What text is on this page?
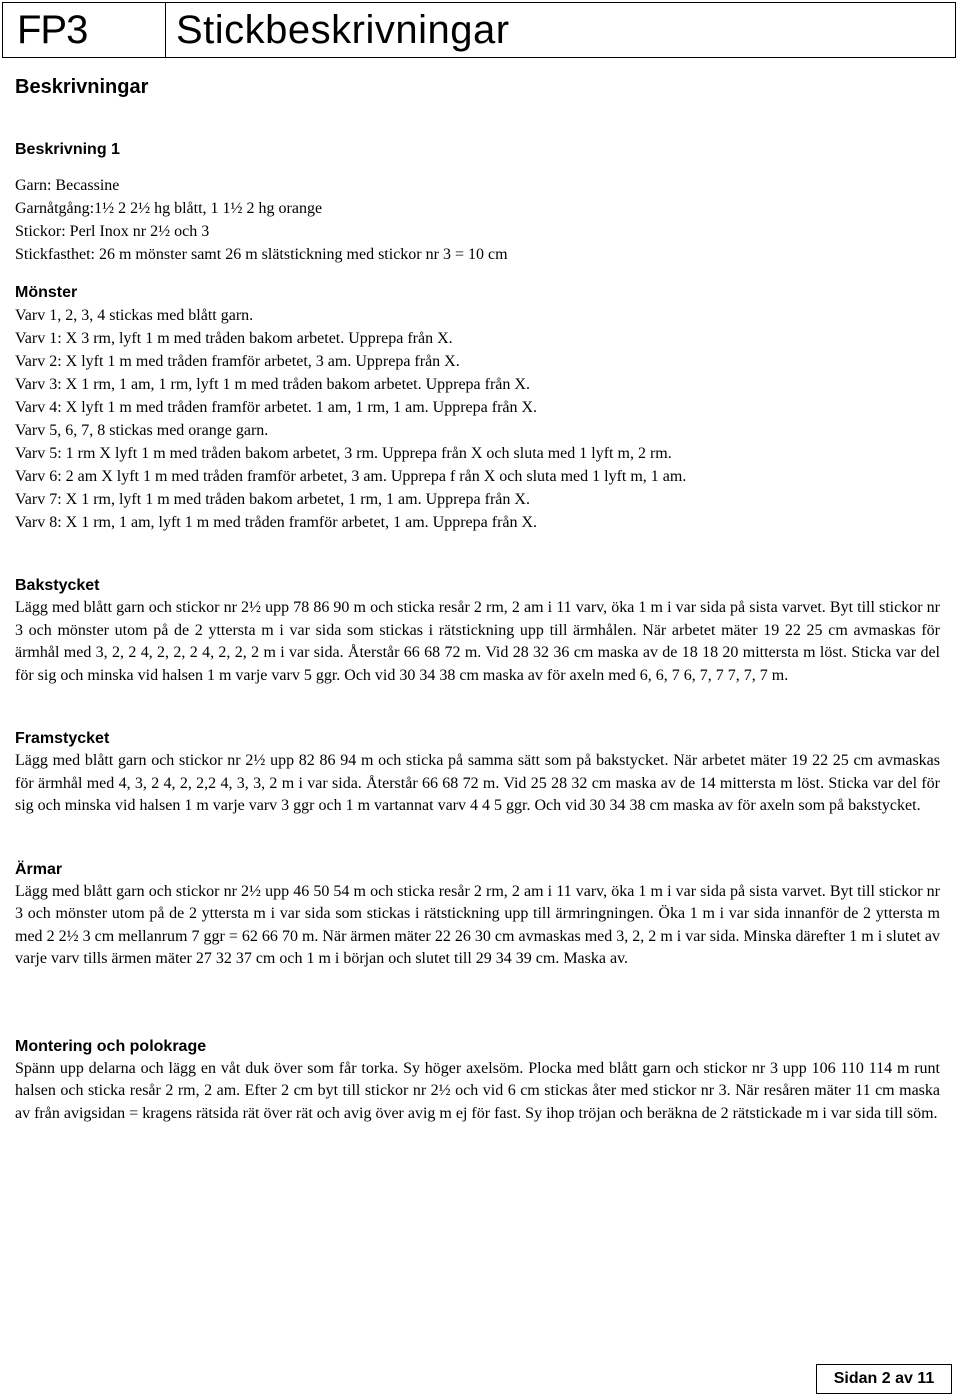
FP3	Stickbeskrivningar
Beskrivningar
Beskrivning 1
Garn: Becassine
Garnåtgång:1½ 2 2½ hg blått, 1 1½ 2 hg orange
Stickor: Perl Inox nr 2½ och 3
Stickfasthet: 26 m mönster samt 26 m slätstickning med stickor nr 3 = 10 cm
Mönster
Varv 1, 2, 3, 4 stickas med blått garn.
Varv 1: X 3 rm, lyft 1 m med tråden bakom arbetet. Upprepa från X.
Varv 2: X lyft 1 m med tråden framför arbetet, 3 am. Upprepa från X.
Varv 3: X 1 rm, 1 am, 1 rm, lyft 1 m med tråden bakom arbetet. Upprepa från X.
Varv 4: X lyft 1 m med tråden framför arbetet. 1 am, 1 rm, 1 am. Upprepa från X.
Varv 5, 6, 7, 8 stickas med orange garn.
Varv 5: 1 rm X lyft 1 m med tråden bakom arbetet, 3 rm. Upprepa från X och sluta med 1 lyft m, 2 rm.
Varv 6: 2 am X lyft 1 m med tråden framför arbetet, 3 am. Upprepa f rån X och sluta med 1 lyft m, 1 am.
Varv 7: X 1 rm, lyft 1 m med tråden bakom arbetet, 1 rm, 1 am. Upprepa från X.
Varv 8: X 1 rm, 1 am, lyft 1 m med tråden framför arbetet, 1 am. Upprepa från X.
Bakstycket
Lägg med blått garn och stickor nr 2½ upp 78 86 90 m och sticka resår 2 rm, 2 am i 11 varv, öka 1 m i var sida på sista varvet. Byt till stickor nr 3 och mönster utom på de 2 yttersta m i var sida som stickas i rätstickning upp till ärmhålen. När arbetet mäter 19 22 25 cm avmaskas för ärmhål med 3, 2, 2 4, 2, 2, 2 4, 2, 2, 2 m i var sida. Återstår 66 68 72 m. Vid 28 32 36 cm maska av de 18 18 20 mittersta m löst. Sticka var del för sig och minska vid halsen 1 m varje varv 5 ggr. Och vid 30 34 38 cm maska av för axeln med 6, 6, 7 6, 7, 7 7, 7, 7 m.
Framstycket
Lägg med blått garn och stickor nr 2½ upp 82 86 94 m och sticka på samma sätt som på bakstycket. När arbetet mäter 19 22 25 cm avmaskas för ärmhål med 4, 3, 2 4, 2, 2,2 4, 3, 3, 2 m i var sida. Återstår 66 68 72 m. Vid 25 28 32 cm maska av de 14 mittersta m löst. Sticka var del för sig och minska vid halsen 1 m varje varv 3 ggr och 1 m vartannat varv 4 4 5 ggr. Och vid 30 34 38 cm maska av för axeln som på bakstycket.
Ärmar
Lägg med blått garn och stickor nr 2½ upp 46 50 54 m och sticka resår 2 rm, 2 am i 11 varv, öka 1 m i var sida på sista varvet. Byt till stickor nr 3 och mönster utom på de 2 yttersta m i var sida som stickas i rätstickning upp till ärmringningen. Öka 1 m i var sida innanför de 2 yttersta m med 2 2½ 3 cm mellanrum 7 ggr = 62 66 70 m. När ärmen mäter 22 26 30 cm avmaskas med 3, 2, 2 m i var sida. Minska därefter 1 m i slutet av varje varv tills ärmen mäter 27 32 37 cm och 1 m i början och slutet till 29 34 39 cm. Maska av.
Montering och polokrage
Spänn upp delarna och lägg en våt duk över som får torka. Sy höger axelsöm. Plocka med blått garn och stickor nr 3 upp 106 110 114 m runt halsen och sticka resår 2 rm, 2 am. Efter 2 cm byt till stickor nr 2½ och vid 6 cm stickas åter med stickor nr 3. När resåren mäter 11 cm maska av från avigsidan = kragens rätsida rät över rät och avig över avig m ej för fast. Sy ihop tröjan och beräkna de 2 rätstickade m i var sida till söm.
Sidan 2 av 11
